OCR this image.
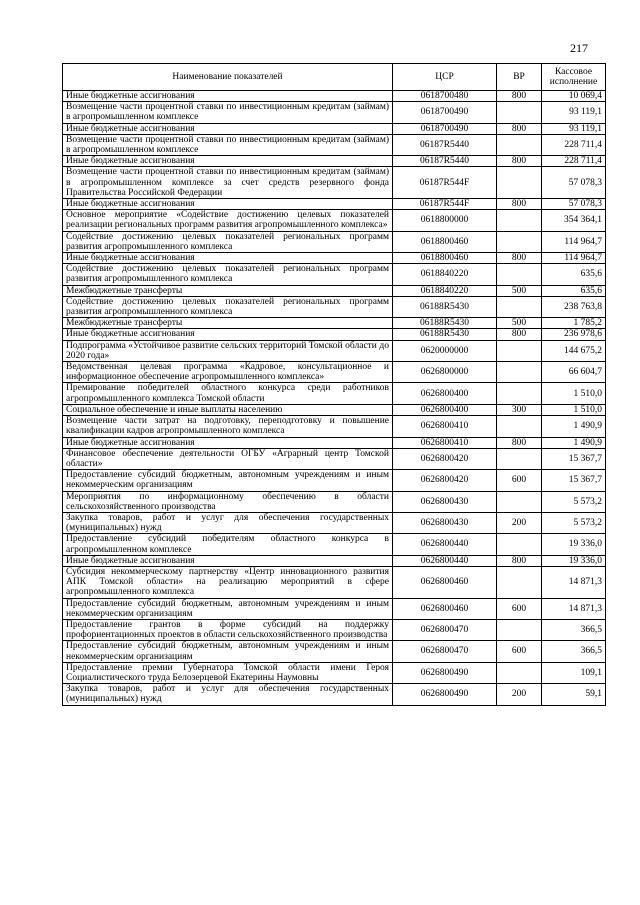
217
Наименование показателей	ЦСР	ВР	Кассовое исполнение
Иные бюджетные ассигнования	0618700480	800	10 069,4
Возмещение части процентной ставки по инвестиционным кредитам (займам) в агропромышленном комплексе	0618700490		93 119,1
Иные бюджетные ассигнования	0618700490	800	93 119,1
Возмещение части процентной ставки по инвестиционным кредитам (займам) в агропромышленном комплексе	06187R5440		228 711,4
Иные бюджетные ассигнования	06187R5440	800	228 711,4
Возмещение части процентной ставки по инвестиционным кредитам (займам) в агропромышленном комплексе за счет средств резервного фонда Правительства Российской Федерации	06187R544F		57 078,3
Иные бюджетные ассигнования	06187R544F	800	57 078,3
Основное мероприятие «Содействие достижению целевых показателей реализации региональных программ развития агропромышленного комплекса»	0618800000		354 364,1
Содействие достижению целевых показателей региональных программ развития агропромышленного комплекса	0618800460		114 964,7
Иные бюджетные ассигнования	0618800460	800	114 964,7
Содействие достижению целевых показателей региональных программ развития агропромышленного комплекса	0618840220		635,6
Межбюджетные трансферты	0618840220	500	635,6
Содействие достижению целевых показателей региональных программ развития агропромышленного комплекса	06188R5430		238 763,8
Межбюджетные трансферты	06188R5430	500	1 785,2
Иные бюджетные ассигнования	06188R5430	800	236 978,6
Подпрограмма «Устойчивое развитие сельских территорий Томской области до 2020 года»	0620000000		144 675,2
Ведомственная целевая программа «Кадровое, консультационное и информационное обеспечение агропромышленного комплекса»	0626800000		66 604,7
Премирование победителей областного конкурса среди работников агропромышленного комплекса Томской области	0626800400		1 510,0
Социальное обеспечение и иные выплаты населению	0626800400	300	1 510,0
Возмещение части затрат на подготовку, переподготовку и повышение квалификации кадров агропромышленного комплекса	0626800410		1 490,9
Иные бюджетные ассигнования	0626800410	800	1 490,9
Финансовое обеспечение деятельности ОГБУ «Аграрный центр Томской области»	0626800420		15 367,7
Предоставление субсидий бюджетным, автономным учреждениям и иным некоммерческим организациям	0626800420	600	15 367,7
Мероприятия по информационному обеспечению в области сельскохозяйственного производства	0626800430		5 573,2
Закупка товаров, работ и услуг для обеспечения государственных (муниципальных) нужд	0626800430	200	5 573,2
Предоставление субсидий победителям областного конкурса в агропромышленном комплексе	0626800440		19 336,0
Иные бюджетные ассигнования	0626800440	800	19 336,0
Субсидия некоммерческому партнерству «Центр инновационного развития АПК Томской области» на реализацию мероприятий в сфере агропромышленного комплекса	0626800460		14 871,3
Предоставление субсидий бюджетным, автономным учреждениям и иным некоммерческим организациям	0626800460	600	14 871,3
Предоставление грантов в форме субсидий на поддержку профориентационных проектов в области сельскохозяйственного производства	0626800470		366,5
Предоставление субсидий бюджетным, автономным учреждениям и иным некоммерческим организациям	0626800470	600	366,5
Предоставление премии Губернатора Томской области имени Героя Социалистического труда Белозерцевой Екатерины Наумовны	0626800490		109,1
Закупка товаров, работ и услуг для обеспечения государственных (муниципальных) нужд	0626800490	200	59,1
